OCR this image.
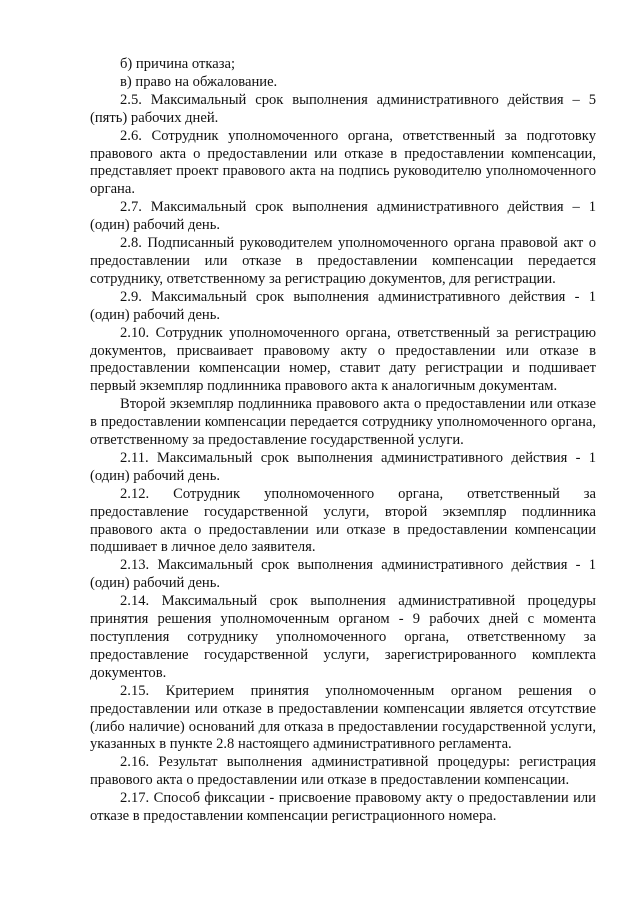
б) причина отказа;

в) право на обжалование.

2.5. Максимальный срок выполнения административного действия – 5 (пять) рабочих дней.

2.6. Сотрудник уполномоченного органа, ответственный за подготовку правового акта о предоставлении или отказе в предоставлении компенсации, представляет проект правового акта на подпись руководителю уполномоченного органа.

2.7. Максимальный срок выполнения административного действия – 1 (один) рабочий день.

2.8. Подписанный руководителем уполномоченного органа правовой акт о предоставлении или отказе в предоставлении компенсации передается сотруднику, ответственному за регистрацию документов, для регистрации.

2.9. Максимальный срок выполнения административного действия - 1 (один) рабочий день.

2.10. Сотрудник уполномоченного органа, ответственный за регистрацию документов, присваивает правовому акту о предоставлении или отказе в предоставлении компенсации номер, ставит дату регистрации и подшивает первый экземпляр подлинника правового акта к аналогичным документам.

Второй экземпляр подлинника правового акта о предоставлении или отказе в предоставлении компенсации передается сотруднику уполномоченного органа, ответственному за предоставление государственной услуги.

2.11. Максимальный срок выполнения административного действия - 1 (один) рабочий день.

2.12. Сотрудник уполномоченного органа, ответственный за предоставление государственной услуги, второй экземпляр подлинника правового акта о предоставлении или отказе в предоставлении компенсации подшивает в личное дело заявителя.

2.13. Максимальный срок выполнения административного действия - 1 (один) рабочий день.

2.14. Максимальный срок выполнения административной процедуры принятия решения уполномоченным органом - 9 рабочих дней с момента поступления сотруднику уполномоченного органа, ответственному за предоставление государственной услуги, зарегистрированного комплекта документов.

2.15. Критерием принятия уполномоченным органом решения о предоставлении или отказе в предоставлении компенсации является отсутствие (либо наличие) оснований для отказа в предоставлении государственной услуги, указанных в пункте 2.8 настоящего административного регламента.

2.16. Результат выполнения административной процедуры: регистрация правового акта о предоставлении или отказе в предоставлении компенсации.

2.17. Способ фиксации - присвоение правовому акту о предоставлении или отказе в предоставлении компенсации регистрационного номера.
